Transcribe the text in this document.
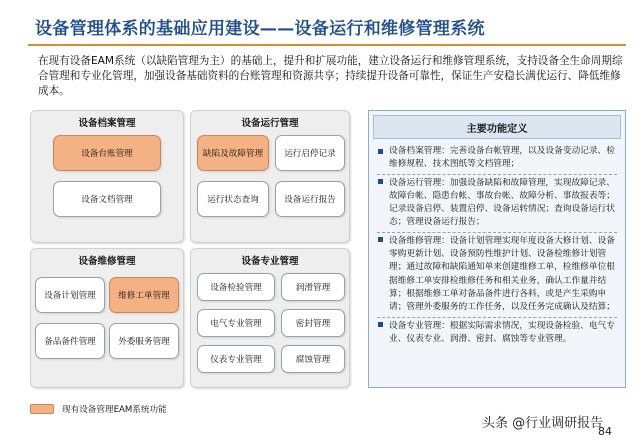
设备管理体系的基础应用建设——设备运行和维修管理系统
在现有设备EAM系统（以缺陷管理为主）的基础上，提升和扩展功能，建立设备运行和维修管理系统，支持设备全生命周期综合管理和专业化管理，加强设备基础资料的台账管理和资源共享；持续提升设备可靠性，保证生产安稳长满优运行、降低维修成本。
设备档案管理
设备台账管理
设备文档管理
设备运行管理
缺陷及故障管理	运行启停记录
运行状态查询	设备运行报告
设备维修管理
设备计划管理	维修工单管理
备品备件管理	外委服务管理
设备专业管理
设备检验管理	润滑管理
电气专业管理	密封管理
仪表专业管理	腐蚀管理
现有设备管理EAM系统功能
主要功能定义
设备档案管理：完善设备台帐管理，以及设备变动记录、检维修规程、技术图纸等文档管理；
设备运行管理：加强设备缺陷和故障管理，实现故障记录、故障台帐、隐患台帐、事故台帐、故障分析、事故报表等；记录设备启停、装置启停、设备运转情况；查询设备运行状态；管理设备运行报告；
设备维修管理：设备计划管理实现年度设备大修计划、设备零购更新计划、设备预防性维护计划、设备检维修计划管理；通过故障和缺陷通知单来创建维修工单，检维修单位根据维修工单安排检维修任务和相关业务，确认工作量并结算；根据维修工单对备品备件进行各料，或是产生采购申请；管理外委服务的工作任务，以及任务完成确认及结算；
设备专业管理：根据实际需求情况，实现设备检验、电气专业、仪表专业、润滑、密封、腐蚀等专业管理。
头条 @行业调研报告
84
